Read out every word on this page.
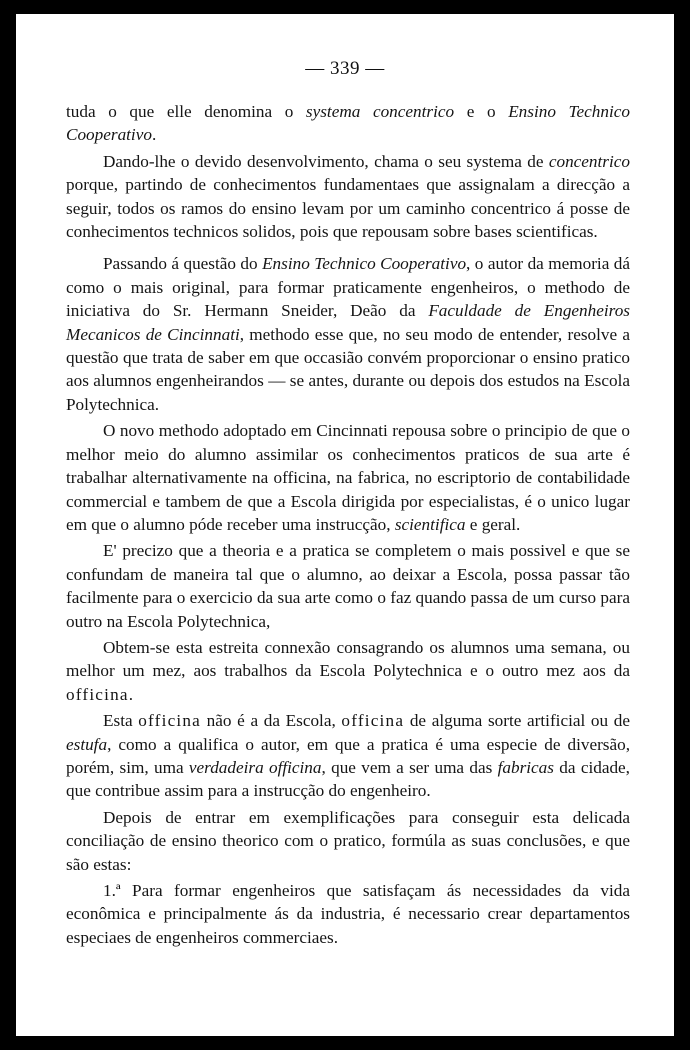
— 339 —

tuda o que elle denomina o systema concentrico e o Ensino Technico Cooperativo.

Dando-lhe o devido desenvolvimento, chama o seu systema de concentrico porque, partindo de conhecimentos fundamentaes que assignalam a direcção a seguir, todos os ramos do ensino levam por um caminho concentrico á posse de conhecimentos technicos solidos, pois que repousam sobre bases scientificas.

Passando á questão do Ensino Technico Cooperativo, o autor da memoria dá como o mais original, para formar praticamente engenheiros, o methodo de iniciativa do Sr. Hermann Sneider, Deão da Faculdade de Engenheiros Mecanicos de Cincinnati, methodo esse que, no seu modo de entender, resolve a questão que trata de saber em que occasião convém proporcionar o ensino pratico aos alumnos engenheirandos — se antes, durante ou depois dos estudos na Escola Polytechnica.

O novo methodo adoptado em Cincinnati repousa sobre o principio de que o melhor meio do alumno assimilar os conhecimentos praticos de sua arte é trabalhar alternativamente na officina, na fabrica, no escriptorio de contabilidade commercial e tambem de que a Escola dirigida por especialistas, é o unico lugar em que o alumno póde receber uma instrucção, scientifica e geral.

E' precizo que a theoria e a pratica se completem o mais possivel e que se confundam de maneira tal que o alumno, ao deixar a Escola, possa passar tão facilmente para o exercicio da sua arte como o faz quando passa de um curso para outro na Escola Polytechnica,

Obtem-se esta estreita connexão consagrando os alumnos uma semana, ou melhor um mez, aos trabalhos da Escola Polytechnica e o outro mez aos da officina.

Esta officina não é a da Escola, officina de alguma sorte artificial ou de estufa, como a qualifica o autor, em que a pratica é uma especie de diversão, porém, sim, uma verdadeira officina, que vem a ser uma das fabricas da cidade, que contribue assim para a instrucção do engenheiro.

Depois de entrar em exemplificações para conseguir esta delicada conciliação de ensino theorico com o pratico, formúla as suas conclusões, e que são estas:

1.ª Para formar engenheiros que satisfaçam ás necessidades da vida econômica e principalmente ás da industria, é necessario crear departamentos especiaes de engenheiros commerciaes.
